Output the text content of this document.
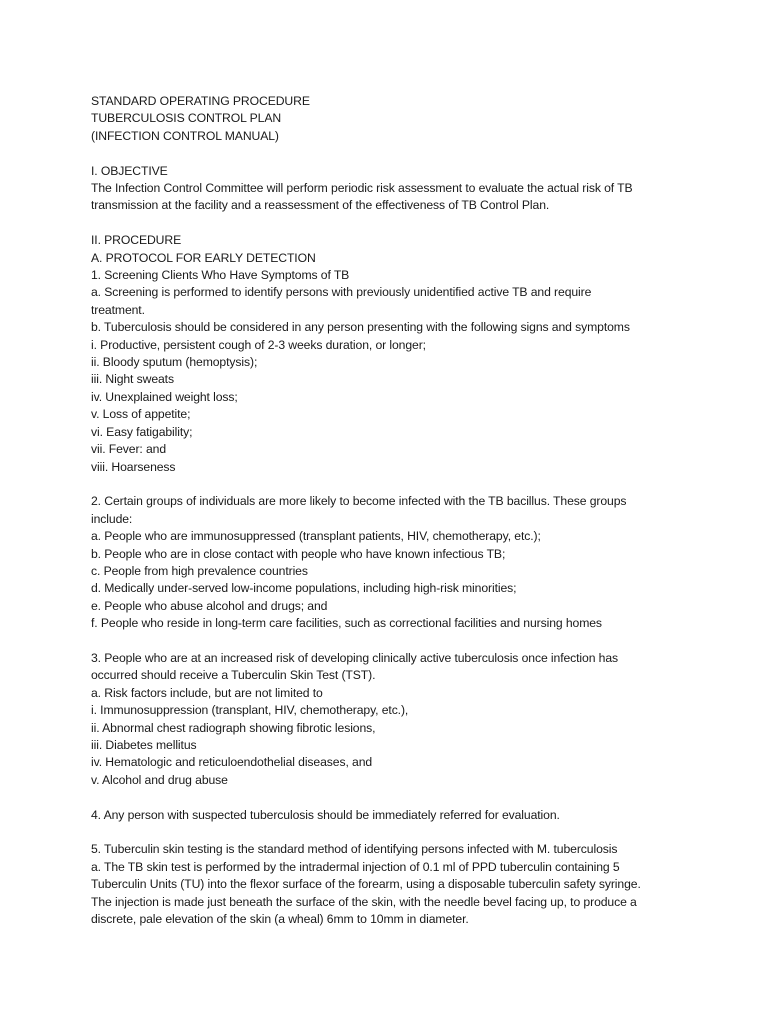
STANDARD OPERATING PROCEDURE
TUBERCULOSIS CONTROL PLAN
(INFECTION CONTROL MANUAL)
I. OBJECTIVE
The Infection Control Committee will perform periodic risk assessment to evaluate the actual risk of TB
transmission at the facility and a reassessment of the effectiveness of TB Control Plan.
II. PROCEDURE
A. PROTOCOL FOR EARLY DETECTION
1. Screening Clients Who Have Symptoms of TB
a. Screening is performed to identify persons with previously unidentified active TB and require
treatment.
b. Tuberculosis should be considered in any person presenting with the following signs and symptoms
i. Productive, persistent cough of 2-3 weeks duration, or longer;
ii. Bloody sputum (hemoptysis);
iii. Night sweats
iv. Unexplained weight loss;
v. Loss of appetite;
vi. Easy fatigability;
vii. Fever: and
viii. Hoarseness
2. Certain groups of individuals are more likely to become infected with the TB bacillus. These groups
include:
a. People who are immunosuppressed (transplant patients, HIV, chemotherapy, etc.);
b. People who are in close contact with people who have known infectious TB;
c. People from high prevalence countries
d. Medically under-served low-income populations, including high-risk minorities;
e. People who abuse alcohol and drugs; and
f. People who reside in long-term care facilities, such as correctional facilities and nursing homes
3. People who are at an increased risk of developing clinically active tuberculosis once infection has
occurred should receive a Tuberculin Skin Test (TST).
a. Risk factors include, but are not limited to
i. Immunosuppression (transplant, HIV, chemotherapy, etc.),
ii. Abnormal chest radiograph showing fibrotic lesions,
iii. Diabetes mellitus
iv. Hematologic and reticuloendothelial diseases, and
v. Alcohol and drug abuse
4. Any person with suspected tuberculosis should be immediately referred for evaluation.
5. Tuberculin skin testing is the standard method of identifying persons infected with M. tuberculosis
a. The TB skin test is performed by the intradermal injection of 0.1 ml of PPD tuberculin containing 5
Tuberculin Units (TU) into the flexor surface of the forearm, using a disposable tuberculin safety syringe.
The injection is made just beneath the surface of the skin, with the needle bevel facing up, to produce a
discrete, pale elevation of the skin (a wheal) 6mm to 10mm in diameter.
